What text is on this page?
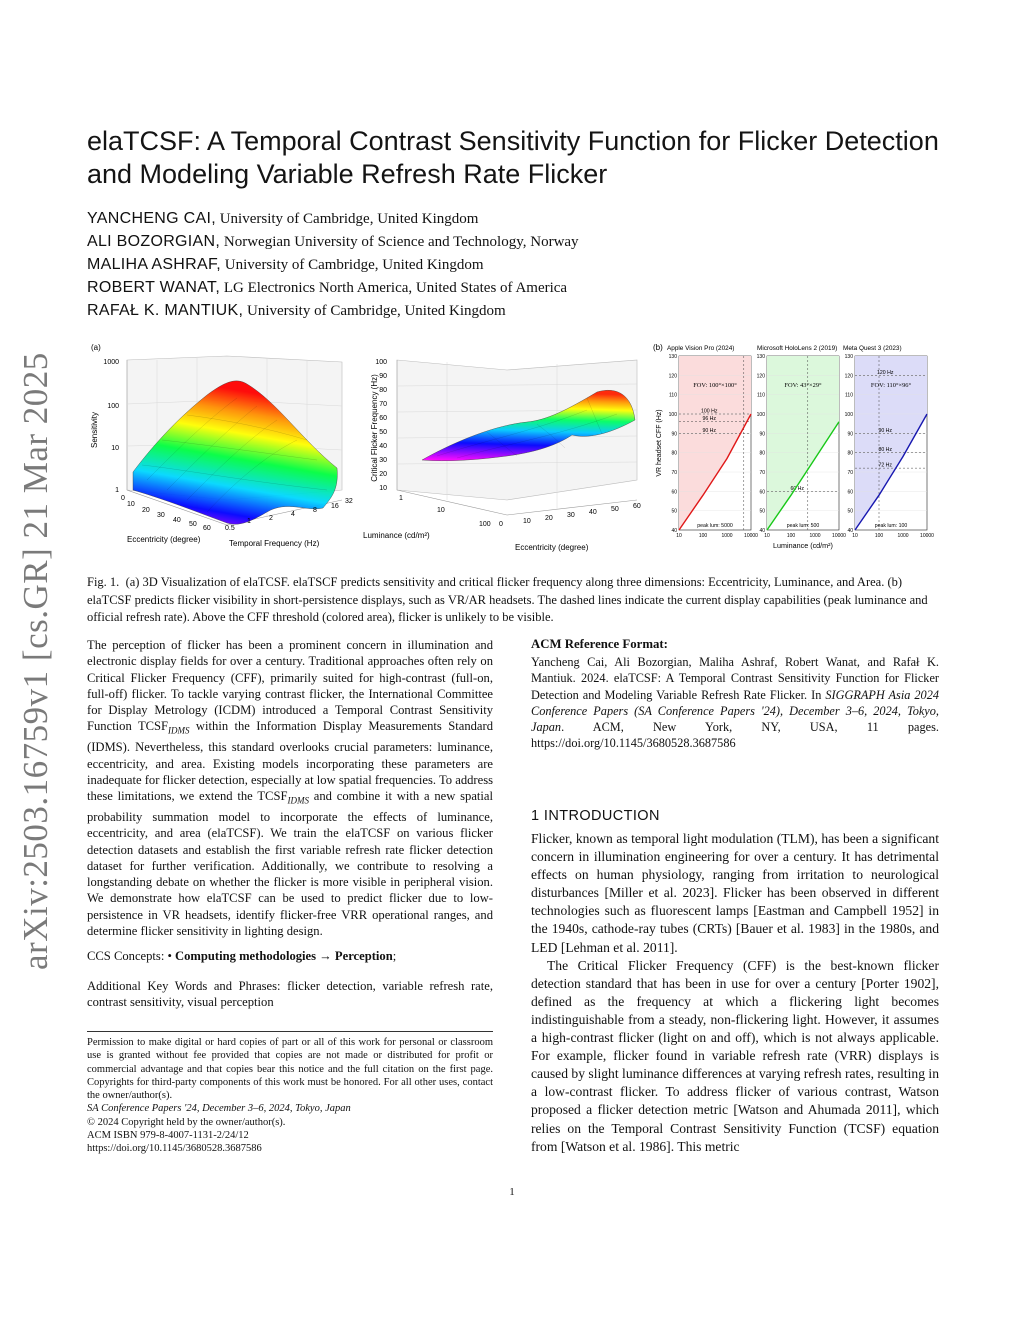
arXiv:2503.16759v1 [cs.GR] 21 Mar 2025
elaTCSF: A Temporal Contrast Sensitivity Function for Flicker Detection
and Modeling Variable Refresh Rate Flicker
YANCHENG CAI, University of Cambridge, United Kingdom
ALI BOZORGIAN, Norwegian University of Science and Technology, Norway
MALIHA ASHRAF, University of Cambridge, United Kingdom
ROBERT WANAT, LG Electronics North America, United States of America
RAFAŁ K. MANTIUK, University of Cambridge, United Kingdom
(a)
1000
100
10
1
Sensitivity
0
10
20
30
40
50
60
Eccentricity (degree)
0.5
1	2
4
8
16
32
Temporal Frequency (Hz)
100
90
80
70
60
50
40
30
20
10
Critical Flicker Frequency (Hz)
1
10
100
Luminance (cd/m²)
0	10 20 30 40 50 60
Eccentricity (degree)
(b) Apple Vision Pro (2024)
130
120
110
100
90
80
70
60
50
40
10	100	1000 10000
100 Hz
96 Hz
90 Hz
peak lum: 5000
FOV: 100°×100°
Microsoft HoloLens 2 (2019)
130
120
110
100
90
80
70
60
50
40
10	100	1000 10000
60 Hz
peak lum: 500
FOV: 43°×29°
Meta Quest 3 (2023)
130
120
110
100
90
80
70
60
50
40
10	100	1000 10000
120 Hz
90 Hz
80 Hz
72 Hz
peak lum: 100
FOV: 110°×96°
VR headset CFF (Hz)
Luminance (cd/m²)
Fig. 1. (a) 3D Visualization of elaTCSF. elaTSCF predicts sensitivity and critical flicker frequency along three dimensions: Eccentricity, Luminance, and Area. (b) elaTCSF predicts flicker visibility in short-persistence displays, such as VR/AR headsets. The dashed lines indicate the current display capabilities (peak luminance and official refresh rate). Above the CFF threshold (colored area), flicker is unlikely to be visible.
The perception of flicker has been a prominent concern in illumination and electronic display fields for over a century. Traditional approaches often rely on Critical Flicker Frequency (CFF), primarily suited for high-contrast (full-on, full-off) flicker. To tackle varying contrast flicker, the International Committee for Display Metrology (ICDM) introduced a Temporal Contrast Sensitivity Function $TCSF_{IDMS}$ within the Information Display Measurements Standard (IDMS). Nevertheless, this standard overlooks crucial parameters: luminance, eccentricity, and area. Existing models incorporating these parameters are inadequate for flicker detection, especially at low spatial frequencies. To address these limitations, we extend the $TCSF_{IDMS}$ and combine it with a new spatial probability summation model to incorporate the effects of luminance, eccentricity, and area (elaTCSF). We train the elaTCSF on various flicker detection datasets and establish the first variable refresh rate flicker detection dataset for further verification. Additionally, we contribute to resolving a longstanding debate on whether the flicker is more visible in peripheral vision. We demonstrate how elaTCSF can be used to predict flicker due to low-persistence in VR headsets, identify flicker-free VRR operational ranges, and determine flicker sensitivity in lighting design.
CCS Concepts: • Computing methodologies → Perception;
Additional Key Words and Phrases: flicker detection, variable refresh rate, contrast sensitivity, visual perception
Permission to make digital or hard copies of part or all of this work for personal or classroom use is granted without fee provided that copies are not made or distributed for profit or commercial advantage and that copies bear this notice and the full citation on the first page. Copyrights for third-party components of this work must be honored. For all other uses, contact the owner/author(s).
SA Conference Papers '24, December 3–6, 2024, Tokyo, Japan
© 2024 Copyright held by the owner/author(s).
ACM ISBN 979-8-4007-1131-2/24/12
https://doi.org/10.1145/3680528.3687586
ACM Reference Format:
Yancheng Cai, Ali Bozorgian, Maliha Ashraf, Robert Wanat, and Rafał K. Mantiuk. 2024. elaTCSF: A Temporal Contrast Sensitivity Function for Flicker Detection and Modeling Variable Refresh Rate Flicker. In SIGGRAPH Asia 2024 Conference Papers (SA Conference Papers '24), December 3–6, 2024, Tokyo, Japan. ACM, New York, NY, USA, 11 pages. https://doi.org/10.1145/3680528.3687586
1 INTRODUCTION

Flicker, known as temporal light modulation (TLM), has been a significant concern in illumination engineering for over a century. It has detrimental effects on human physiology, ranging from irritation to neurological disturbances [Miller et al. 2023]. Flicker has been observed in different technologies such as fluorescent lamps [Eastman and Campbell 1952] in the 1940s, cathode-ray tubes (CRTs) [Bauer et al. 1983] in the 1980s, and LED [Lehman et al. 2011].

The Critical Flicker Frequency (CFF) is the best-known flicker detection standard that has been in use for over a century [Porter 1902], defined as the frequency at which a flickering light becomes indistinguishable from a steady, non-flickering light. However, it assumes a high-contrast flicker (light on and off), which is not always applicable. For example, flicker found in variable refresh rate (VRR) displays is caused by slight luminance differences at varying refresh rates, resulting in a low-contrast flicker. To address flicker of various contrast, Watson proposed a flicker detection metric [Watson and Ahumada 2011], which relies on the Temporal Contrast Sensitivity Function (TCSF) equation from [Watson et al. 1986]. This metric

1
